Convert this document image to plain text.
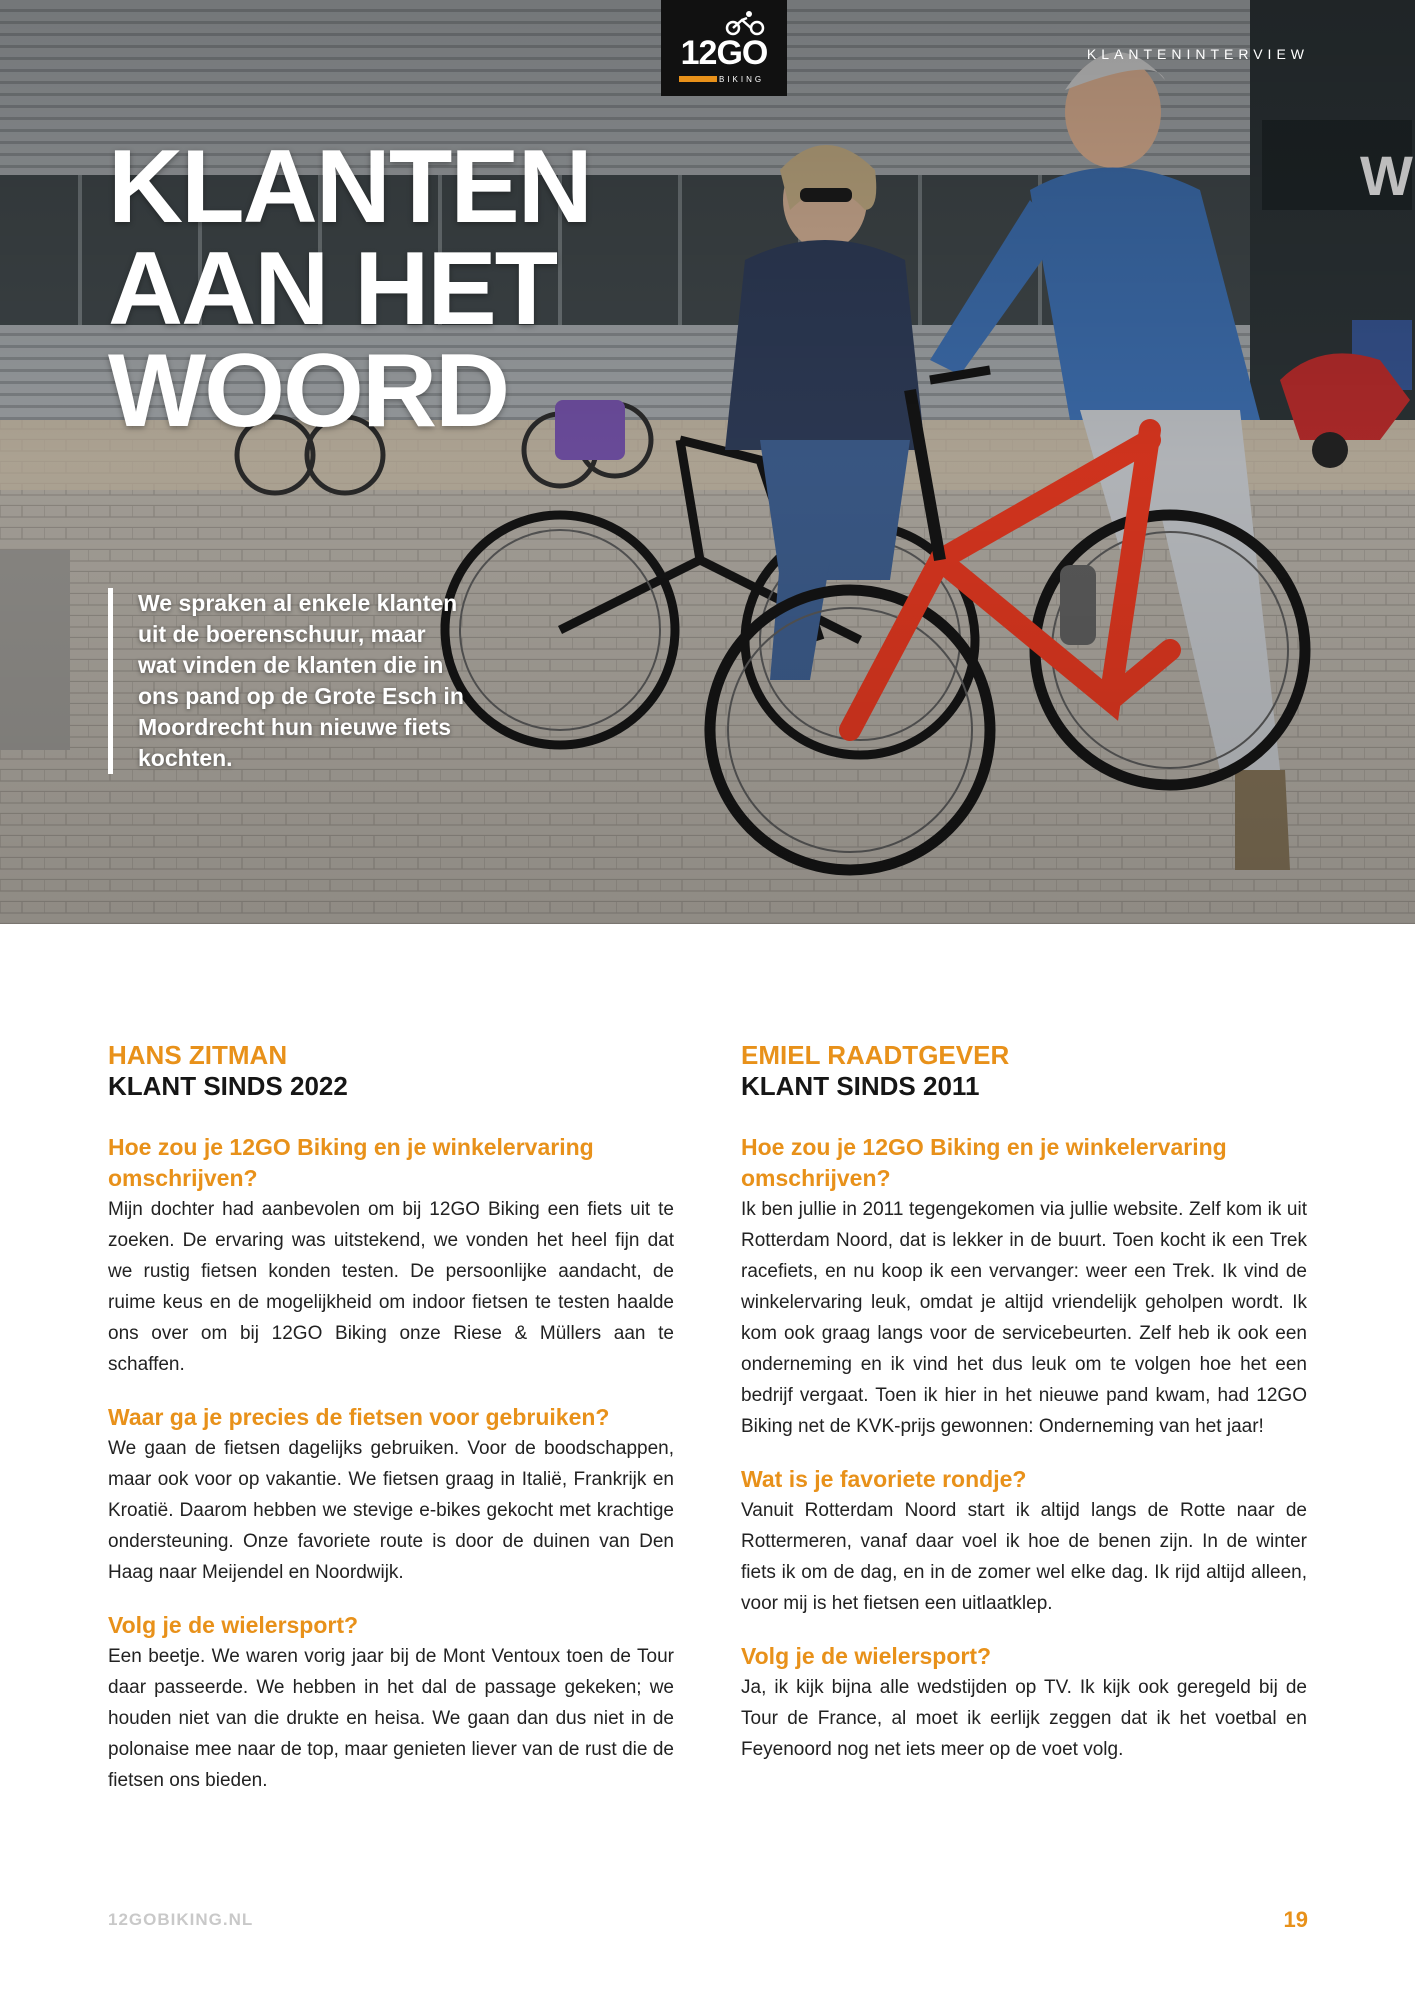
12GO
BIKING
KLANTENINTERVIEW
KLANTEN
AAN HET
WOORD

We spraken al enkele klanten uit de boerenschuur, maar wat vinden de klanten die in ons pand op de Grote Esch in Moordrecht hun nieuwe fiets kochten.

HANS ZITMAN

KLANT SINDS 2022

Hoe zou je 12GO Biking en je winkelervaring omschrijven?

Mijn dochter had aanbevolen om bij 12GO Biking een fiets uit te zoeken. De ervaring was uitstekend, we vonden het heel fijn dat we rustig fietsen konden testen. De persoonlijke aandacht, de ruime keus en de mogelijkheid om indoor fietsen te testen haalde ons over om bij 12GO Biking onze Riese & Müllers aan te schaffen.

Waar ga je precies de fietsen voor gebruiken?

We gaan de fietsen dagelijks gebruiken. Voor de boodschappen, maar ook voor op vakantie. We fietsen graag in Italië, Frankrijk en Kroatië. Daarom hebben we stevige e-bikes gekocht met krachtige ondersteuning. Onze favoriete route is door de duinen van Den Haag naar Meijendel en Noordwijk.

Volg je de wielersport?

Een beetje. We waren vorig jaar bij de Mont Ventoux toen de Tour daar passeerde. We hebben in het dal de passage gekeken; we houden niet van die drukte en heisa. We gaan dan dus niet in de polonaise mee naar de top, maar genieten liever van de rust die de fietsen ons bieden.

EMIEL RAADTGEVER

KLANT SINDS 2011

Hoe zou je 12GO Biking en je winkelervaring omschrijven?

Ik ben jullie in 2011 tegengekomen via jullie website. Zelf kom ik uit Rotterdam Noord, dat is lekker in de buurt. Toen kocht ik een Trek racefiets, en nu koop ik een vervanger: weer een Trek. Ik vind de winkelervaring leuk, omdat je altijd vriendelijk geholpen wordt. Ik kom ook graag langs voor de servicebeurten. Zelf heb ik ook een onderneming en ik vind het dus leuk om te volgen hoe het een bedrijf vergaat. Toen ik hier in het nieuwe pand kwam, had 12GO Biking net de KVK-prijs gewonnen: Onderneming van het jaar!

Wat is je favoriete rondje?

Vanuit Rotterdam Noord start ik altijd langs de Rotte naar de Rottermeren, vanaf daar voel ik hoe de benen zijn. In de winter fiets ik om de dag, en in de zomer wel elke dag. Ik rijd altijd alleen, voor mij is het fietsen een uitlaatklep.

Volg je de wielersport?

Ja, ik kijk bijna alle wedstijden op TV. Ik kijk ook geregeld bij de Tour de France, al moet ik eerlijk zeggen dat ik het voetbal en Feyenoord nog net iets meer op de voet volg.

12GOBIKING.NL	19
